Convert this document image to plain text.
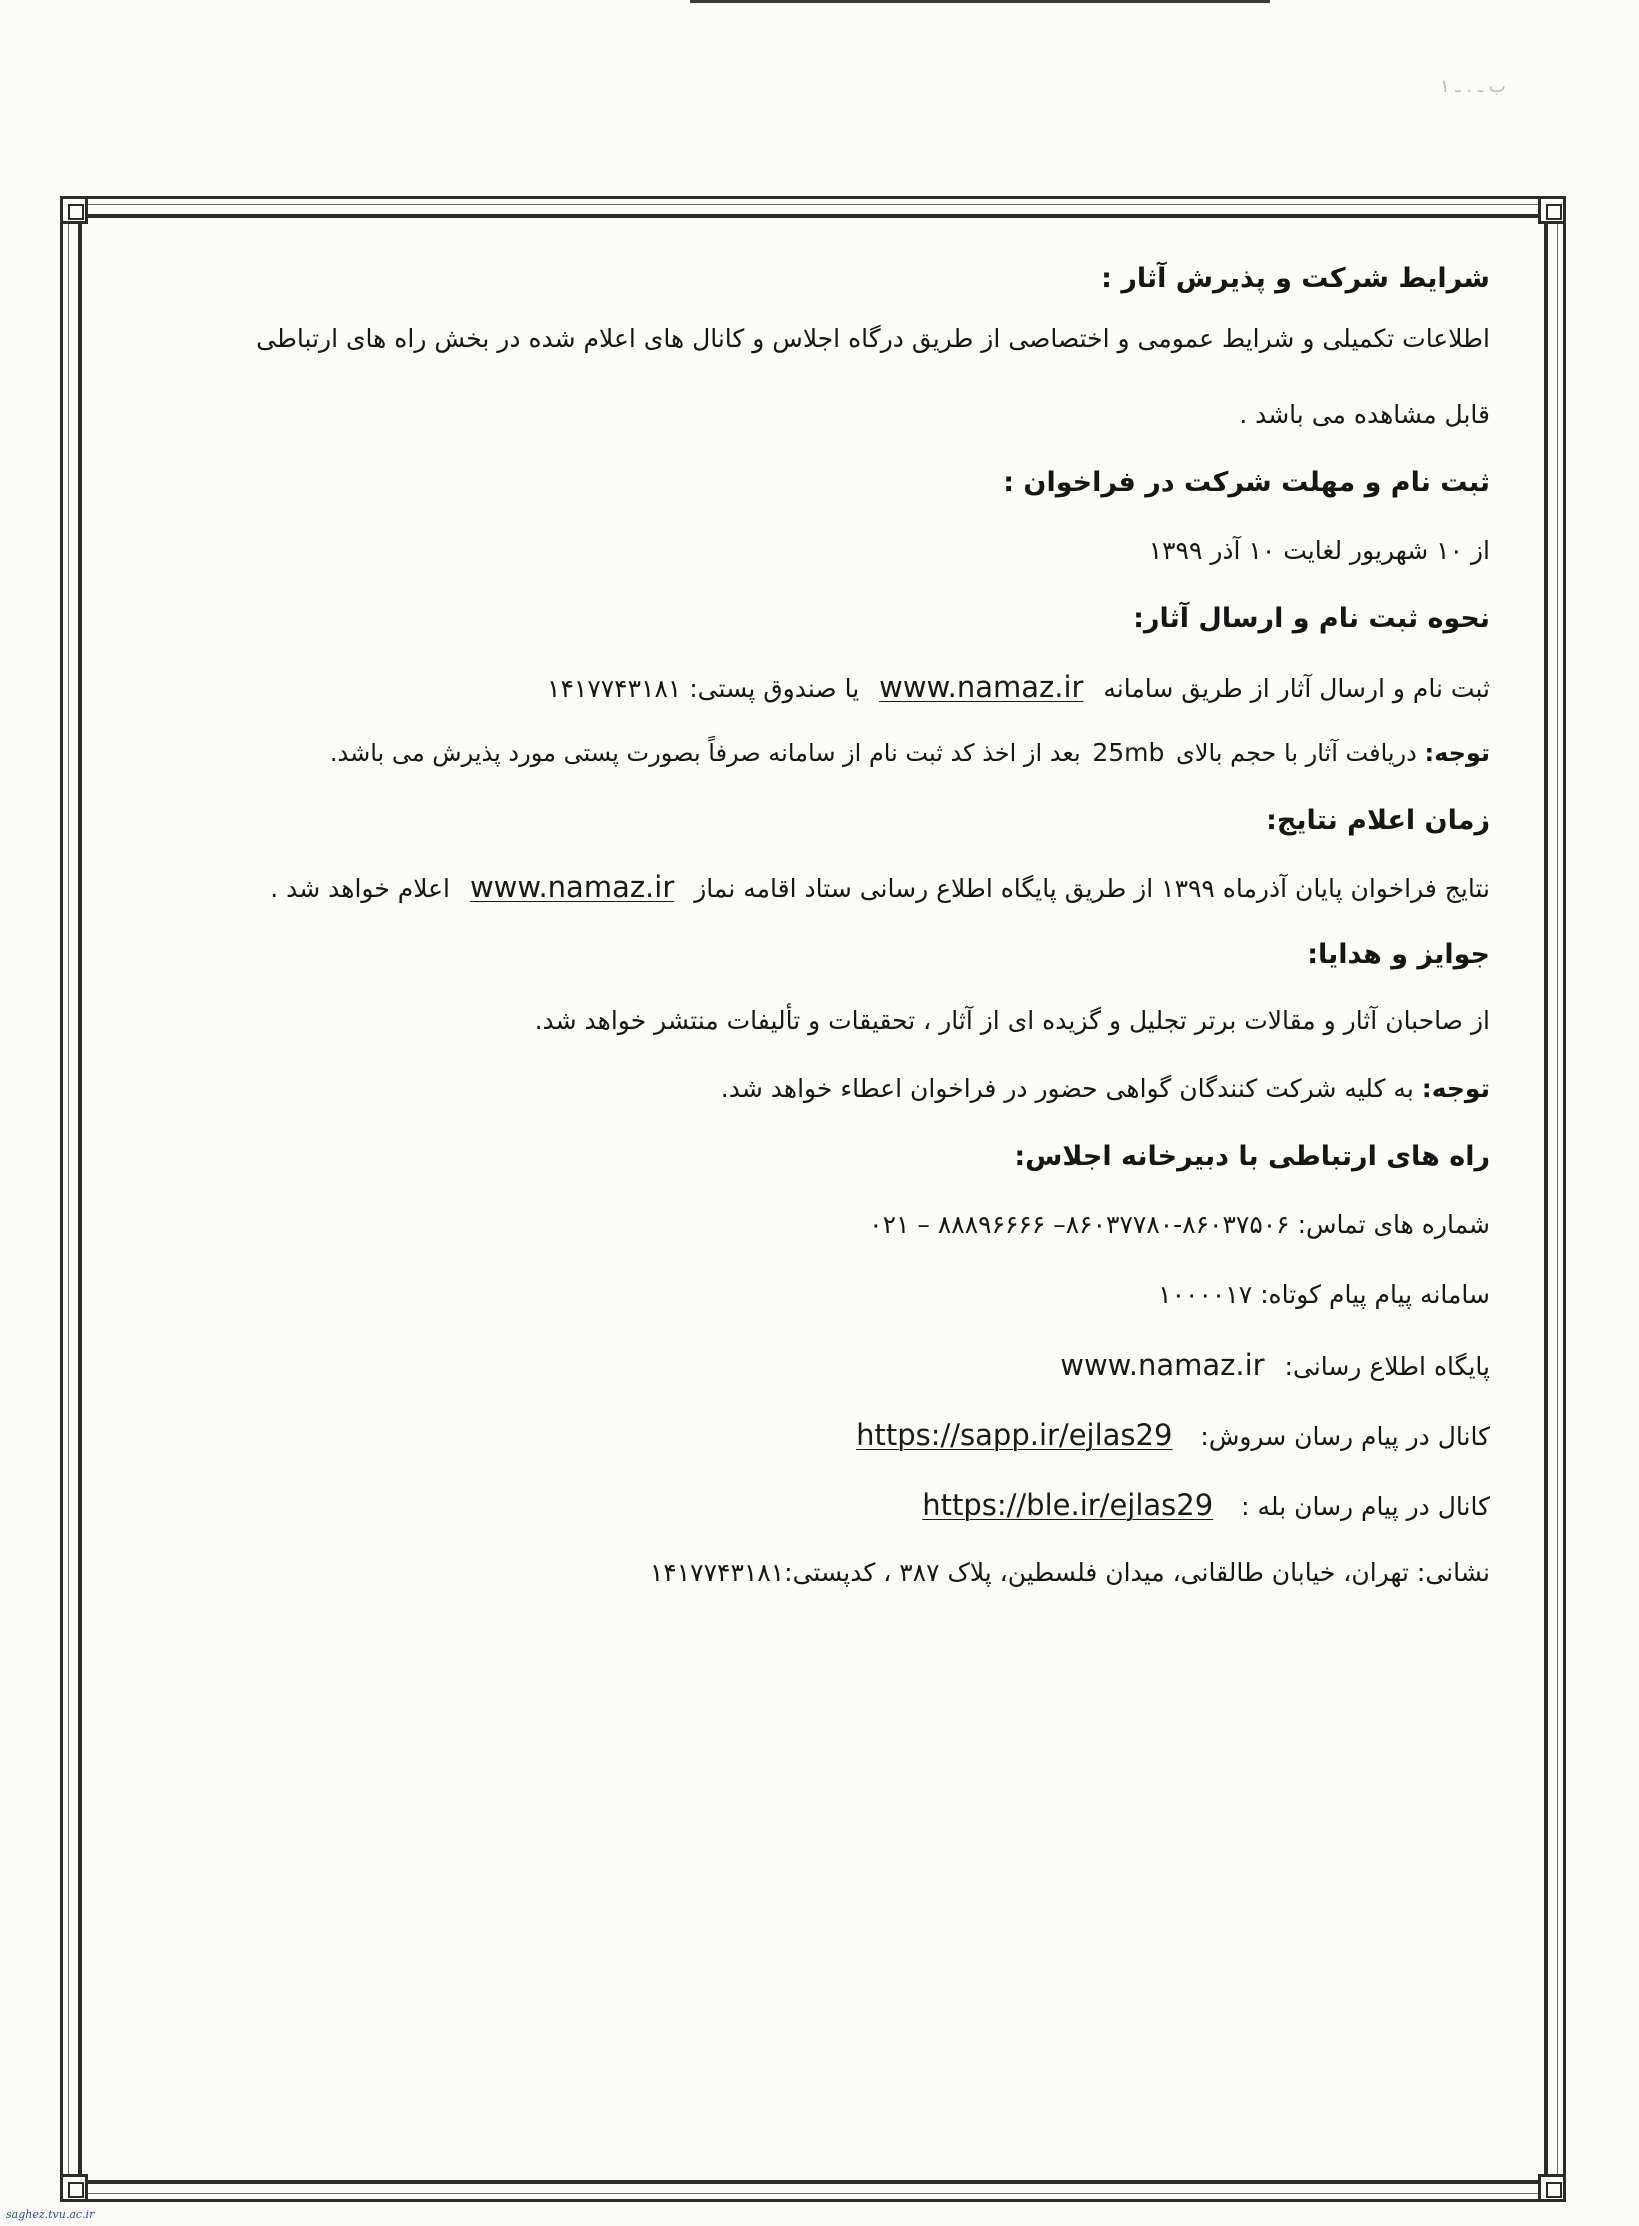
ب ـ . ـ ۱

شرایط شرکت و پذیرش آثار :

اطلاعات تکمیلی و شرایط عمومی و اختصاصی از طریق درگاه اجلاس و کانال های اعلام شده در بخش راه های ارتباطی

قابل مشاهده می باشد .

ثبت نام و مهلت شرکت در فراخوان :

از ۱۰ شهریور لغایت ۱۰ آذر ۱۳۹۹

نحوه ثبت نام و ارسال آثار:

ثبت نام و ارسال آثار از طریق سامانه www.namaz.ir یا صندوق پستی: ۱۴۱۷۷۴۳۱۸۱

توجه: دریافت آثار با حجم بالای 25mb بعد از اخذ کد ثبت نام از سامانه صرفاً بصورت پستی مورد پذیرش می باشد.

زمان اعلام نتایج:

نتایج فراخوان پایان آذرماه ۱۳۹۹ از طریق پایگاه اطلاع رسانی ستاد اقامه نماز www.namaz.ir اعلام خواهد شد .

جوایز و هدایا:

از صاحبان آثار و مقالات برتر تجلیل و گزیده ای از آثار ، تحقیقات و تألیفات منتشر خواهد شد.

توجه: به کلیه شرکت کنندگان گواهی حضور در فراخوان اعطاء خواهد شد.

راه های ارتباطی با دبیرخانه اجلاس:

شماره های تماس: ۸۶۰۳۷۷۸۰-۸۶۰۳۷۵۰۶– ۸۸۸۹۶۶۶۶ – ۰۲۱

سامانه پیام پیام کوتاه: ۱۰۰۰۰۱۷

پایگاه اطلاع رسانی: www.namaz.ir

کانال در پیام رسان سروش: https://sapp.ir/ejlas29

کانال در پیام رسان بله : https://ble.ir/ejlas29

نشانی: تهران، خیابان طالقانی، میدان فلسطین، پلاک ۳۸۷ ، کدپستی:۱۴۱۷۷۴۳۱۸۱

saghez.tvu.ac.ir
